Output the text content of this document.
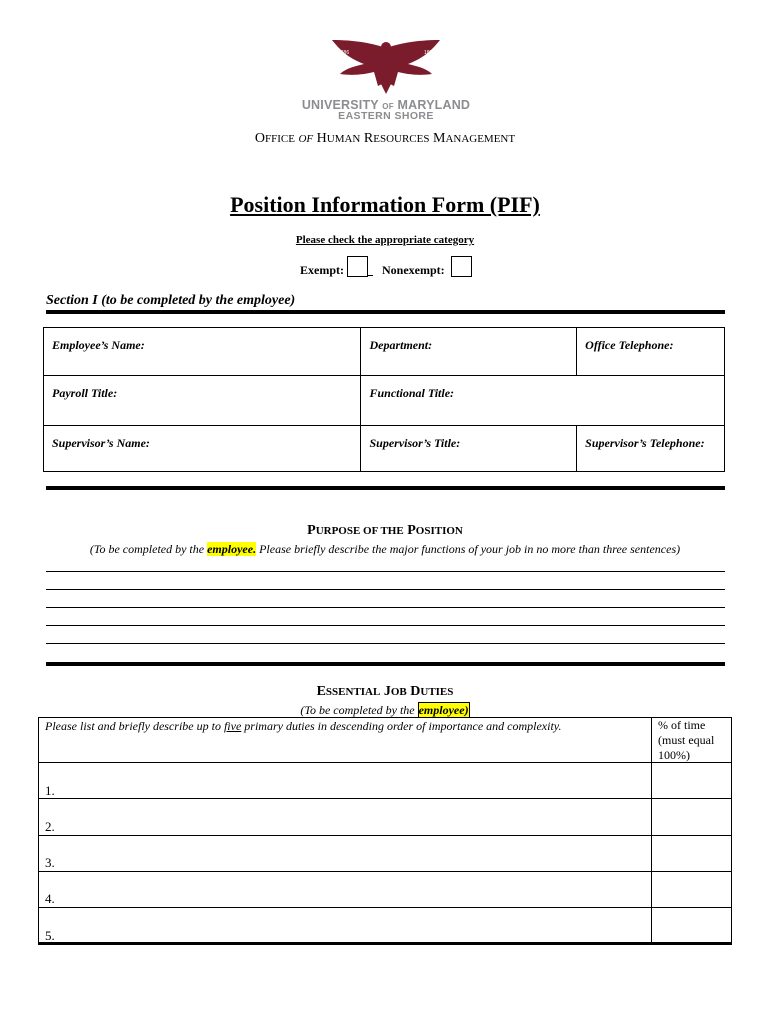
1886	1886
UNIVERSITY OF MARYLAND
EASTERN SHORE
OFFICE OF HUMAN RESOURCES MANAGEMENT
Position Information Form (PIF)
Please check the appropriate category
Exempt:	Nonexempt:
Section I (to be completed by the employee)
Employee’s Name:	Department:	Office Telephone:
Payroll Title:	Functional Title:	
Supervisor’s Name:	Supervisor’s Title:	Supervisor’s Telephone:
PURPOSE OF THE POSITION
(To be completed by the employee. Please briefly describe the major functions of your job in no more than three sentences)
ESSENTIAL JOB DUTIES
(To be completed by the employee)
Please list and briefly describe up to five primary duties in descending order of importance and complexity.	% of time
(must equal
100%)
1.
2.
3.
4.
5.
